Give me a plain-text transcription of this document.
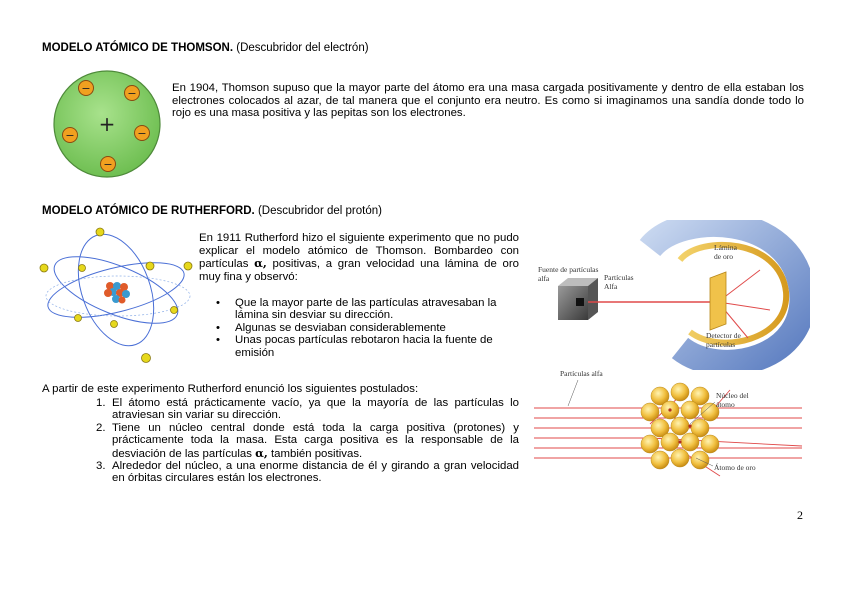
MODELO ATÓMICO DE THOMSON. (Descubridor del electrón)
+
−	−
−	−
−
En 1904, Thomson supuso que la mayor parte del átomo era una masa cargada positivamente y dentro de ella estaban los electrones colocados al azar, de tal manera que el conjunto era neutro. Es como si imaginamos una sandía donde todo lo rojo es una masa positiva y las pepitas son los electrones.
MODELO ATÓMICO DE RUTHERFORD. (Descubridor del protón)
En 1911 Rutherford hizo el siguiente experimento que no pudo explicar el modelo atómico de Thomson. Bombardeo con partículas α, positivas, a gran velocidad una lámina de oro muy fina y observó:
• Que la mayor parte de las partículas atravesaban la lámina sin desviar su dirección.
• Algunas se desviaban considerablemente
• Unas pocas partículas rebotaron hacia la fuente de emisión
A partir de este experimento Rutherford enunció los siguientes postulados:
1. El átomo está prácticamente vacío, ya que la mayoría de las partículas lo atraviesan sin variar su dirección.
2. Tiene un núcleo central donde está toda la carga positiva (protones) y prácticamente toda la masa. Esta carga positiva es la responsable de la desviación de las partículas α, también positivas.
3. Alrededor del núcleo, a una enorme distancia de él y girando a gran velocidad en órbitas circulares están los electrones.
Fuente de partículas
alfa	Partículas
Alfa
Lámina
de oro
Detector de
partículas
Partículas alfa
Núcleo del
átomo
Átomo de oro
2
